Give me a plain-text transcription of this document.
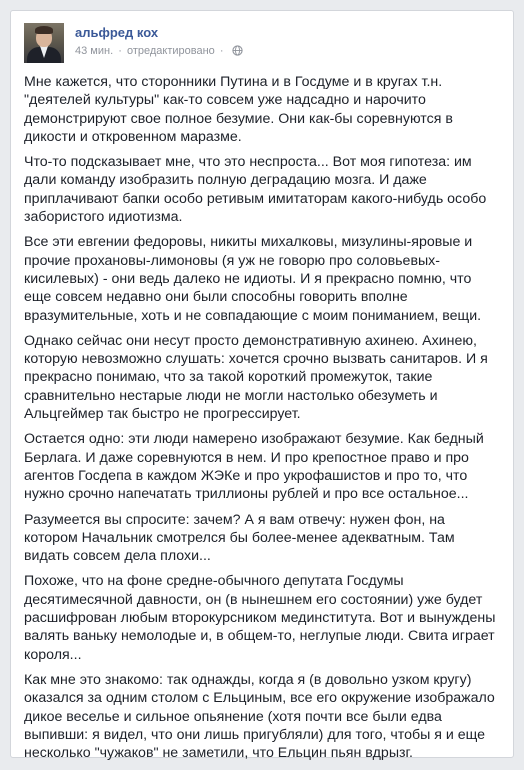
альфред кох
43 мин. · отредактировано ·

Мне кажется, что сторонники Путина и в Госдуме и в кругах т.н. "деятелей культуры" как-то совсем уже надсадно и нарочито демонстрируют свое полное безумие. Они как-бы соревнуются в дикости и откровенном маразме.

Что-то подсказывает мне, что это неспроста... Вот моя гипотеза: им дали команду изобразить полную деградацию мозга. И даже приплачивают бапки особо ретивым имитаторам какого-нибудь особо забористого идиотизма.

Все эти евгении федоровы, никиты михалковы, мизулины-яровые и прочие прохановы-лимоновы (я уж не говорю про соловьевых-кисилевых) - они ведь далеко не идиоты. И я прекрасно помню, что еще совсем недавно они были способны говорить вполне вразумительные, хоть и не совпадающие с моим пониманием, вещи.

Однако сейчас они несут просто демонстративную ахинею. Ахинею, которую невозможно слушать: хочется срочно вызвать санитаров. И я прекрасно понимаю, что за такой короткий промежуток, такие сравнительно нестарые люди не могли настолько обезуметь и Альцгеймер так быстро не прогрессирует.

Остается одно: эти люди намерено изображают безумие. Как бедный Берлага. И даже соревнуются в нем. И про крепостное право и про агентов Госдепа в каждом ЖЭКе и про укрофашистов и про то, что нужно срочно напечатать триллионы рублей и про все остальное...

Разумеется вы спросите: зачем? А я вам отвечу: нужен фон, на котором Начальник смотрелся бы более-менее адекватным. Там видать совсем дела плохи...

Похоже, что на фоне средне-обычного депутата Госдумы десятимесячной давности, он (в нынешнем его состоянии) уже будет расшифрован любым второкурсником мединститута. Вот и вынуждены валять ваньку немолодые и, в общем-то, неглупые люди. Свита играет короля...

Как мне это знакомо: так однажды, когда я (в довольно узком кругу) оказался за одним столом с Ельциным, все его окружение изображало дикое веселье и сильное опьянение (хотя почти все были едва выпивши: я видел, что они лишь пригубляли) для того, чтобы я и еще несколько "чужаков" не заметили, что Ельцин пьян вдрызг.
